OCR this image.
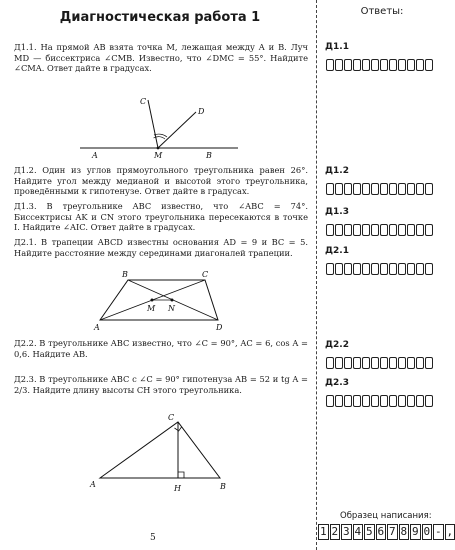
Диагностическая работа 1	Ответы:
Д1.1. На прямой AB взята точка M, лежащая между A и B. Луч MD — биссектриса ∠CMB. Известно, что ∠DMC = 55°. Найдите ∠CMA. Ответ дайте в градусах.
A	M	B
C
D
Д1.2. Один из углов прямоугольного треугольника равен 26°. Найдите угол между медианой и высотой этого треугольника, проведёнными к гипотенузе. Ответ дайте в градусах.
Д1.3. В треугольнике ABC известно, что ∠ABC = 74°. Биссектрисы AK и CN этого треугольника пересекаются в точке I. Найдите ∠AIC. Ответ дайте в градусах.
Д2.1. В трапеции ABCD известны основания AD = 9 и BC = 5. Найдите расстояние между серединами диагоналей трапеции.
A
B	C
D
M N
Д2.2. В треугольнике ABC известно, что ∠C = 90°, AC = 6, cos A = 0,6. Найдите AB.
Д2.3. В треугольнике ABC с ∠C = 90° гипотенуза AB = 52 и tg A = 2/3. Найдите длину высоты CH этого треугольника.
A	B
C
H
Д1.1
Д1.2
Д1.3
Д2.1
Д2.2
Д2.3
Образец написания:
1 2 3 4 5 6 7 8 9 0 - ,
5
